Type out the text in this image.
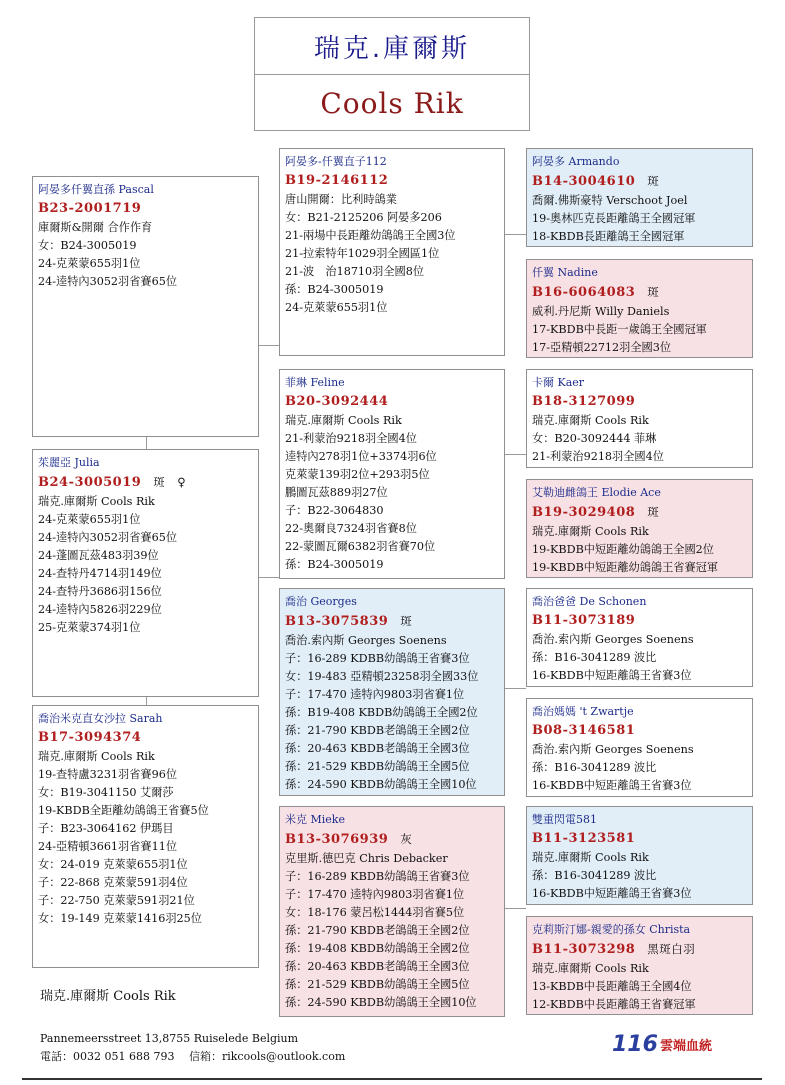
瑞克.庫爾斯
Cools Rik
阿晏多仟翼直孫 Pascal
B23-2001719
庫爾斯&開爾 合作作育
女：B24-3005019
24-克萊蒙655羽1位
24-逵特內3052羽省賽65位
茱麗亞 Julia
B24-3005019 斑　♀
瑞克.庫爾斯 Cools Rik
24-克萊蒙655羽1位
24-逵特內3052羽省賽65位
24-蓬圖瓦茲483羽39位
24-查特丹4714羽149位
24-查特丹3686羽156位
24-逵特內5826羽229位
25-克萊蒙374羽1位
喬治米克直女沙拉 Sarah
B17-3094374
瑞克.庫爾斯 Cools Rik
19-查特盧3231羽省賽96位
女：B19-3041150 艾爾莎
19-KBDB全距離幼鴿鴿王省賽5位
子：B23-3064162 伊瑪目
24-亞精頓3661羽省賽11位
女：24-019 克萊蒙655羽1位
子：22-868 克萊蒙591羽4位
子：22-750 克萊蒙591羽21位
女：19-149 克萊蒙1416羽25位
阿晏多-仟翼直子112
B19-2146112
唐山開爾：比利時鴿業
女：B21-2125206 阿晏多206
21-兩場中長距離幼鴿鴿王全國3位
21-拉索特年1029羽全國區1位
21-波　治18710羽全國8位
孫：B24-3005019
24-克萊蒙655羽1位
菲琳 Feline
B20-3092444
瑞克.庫爾斯 Cools Rik
21-利蒙治9218羽全國4位
逵特內278羽1位+3374羽6位
克萊蒙139羽2位+293羽5位
鵬圖瓦茲889羽27位
子：B22-3064830
22-奧爾良7324羽省賽8位
22-蒙圖瓦爾6382羽省賽70位
孫：B24-3005019
喬治 Georges
B13-3075839 斑
喬治.索內斯 Georges Soenens
子：16-289 KDBB幼鴿鴿王省賽3位
女：19-483 亞精頓23258羽全國33位
子：17-470 逵特內9803羽省賽1位
孫：B19-408 KBDB幼鴿鴿王全國2位
孫：21-790 KBDB老鴿鴿王全國2位
孫：20-463 KBDB老鴿鴿王全國3位
孫：21-529 KBDB幼鴿鴿王全國5位
孫：24-590 KBDB幼鴿鴿王全國10位
米克 Mieke
B13-3076939 灰
克里斯.德巴克 Chris Debacker
子：16-289 KBDB幼鴿鴿王省賽3位
子：17-470 逵特內9803羽省賽1位
女：18-176 蒙呂松1444羽省賽5位
孫：21-790 KBDB老鴿鴿王全國2位
孫：19-408 KBDB幼鴿鴿王全國2位
孫：20-463 KBDB老鴿鴿王全國3位
孫：21-529 KBDB幼鴿鴿王全國5位
孫：24-590 KBDB幼鴿鴿王全國10位
阿晏多 Armando
B14-3004610 斑
喬爾.佛斯豪特 Verschoot Joel
19-奧林匹克長距離鴿王全國冠軍
18-KBDB長距離鴿王全國冠軍
仟翼 Nadine
B16-6064083 斑
威利.丹尼斯 Willy Daniels
17-KBDB中長距一歲鴿王全國冠軍
17-亞精頓22712羽全國3位
卡爾 Kaer
B18-3127099
瑞克.庫爾斯 Cools Rik
女：B20-3092444 菲琳
21-利蒙治9218羽全國4位
艾勒迪雌鴿王 Elodie Ace
B19-3029408 斑
瑞克.庫爾斯 Cools Rik
19-KBDB中短距離幼鴿鴿王全國2位
19-KBDB中短距離幼鴿鴿王省賽冠軍
喬治爸爸 De Schonen
B11-3073189
喬治.索內斯 Georges Soenens
孫：B16-3041289 波比
16-KBDB中短距離鴿王省賽3位
喬治媽媽 't Zwartje
B08-3146581
喬治.索內斯 Georges Soenens
孫：B16-3041289 波比
16-KBDB中短距離鴿王省賽3位
雙重閃電581
B11-3123581
瑞克.庫爾斯 Cools Rik
孫：B16-3041289 波比
16-KBDB中短距離鴿王省賽3位
克莉斯汀娜-親愛的孫女 Christa
B11-3073298 黑斑白羽
瑞克.庫爾斯 Cools Rik
13-KBDB中長距離鴿王全國4位
12-KBDB中長距離鴿王省賽冠軍
瑞克.庫爾斯 Cools Rik
Pannemeersstreet 13,8755 Ruiselede Belgium
電話：0032 051 688 793　 信箱：rikcools@outlook.com	116 雲端血統
